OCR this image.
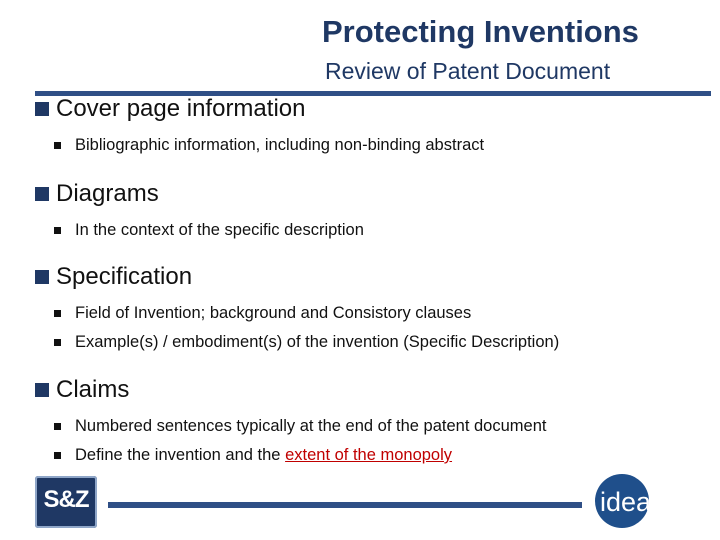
Protecting Inventions
Review of Patent Document
Cover page information
Bibliographic information, including non-binding abstract
Diagrams
In the context of the specific description
Specification
Field of Invention; background and Consistory clauses
Example(s) / embodiment(s) of the invention (Specific Description)
Claims
Numbered sentences typically at the end of the patent document
Define the invention and the extent of the monopoly
S&Z	ideanav
